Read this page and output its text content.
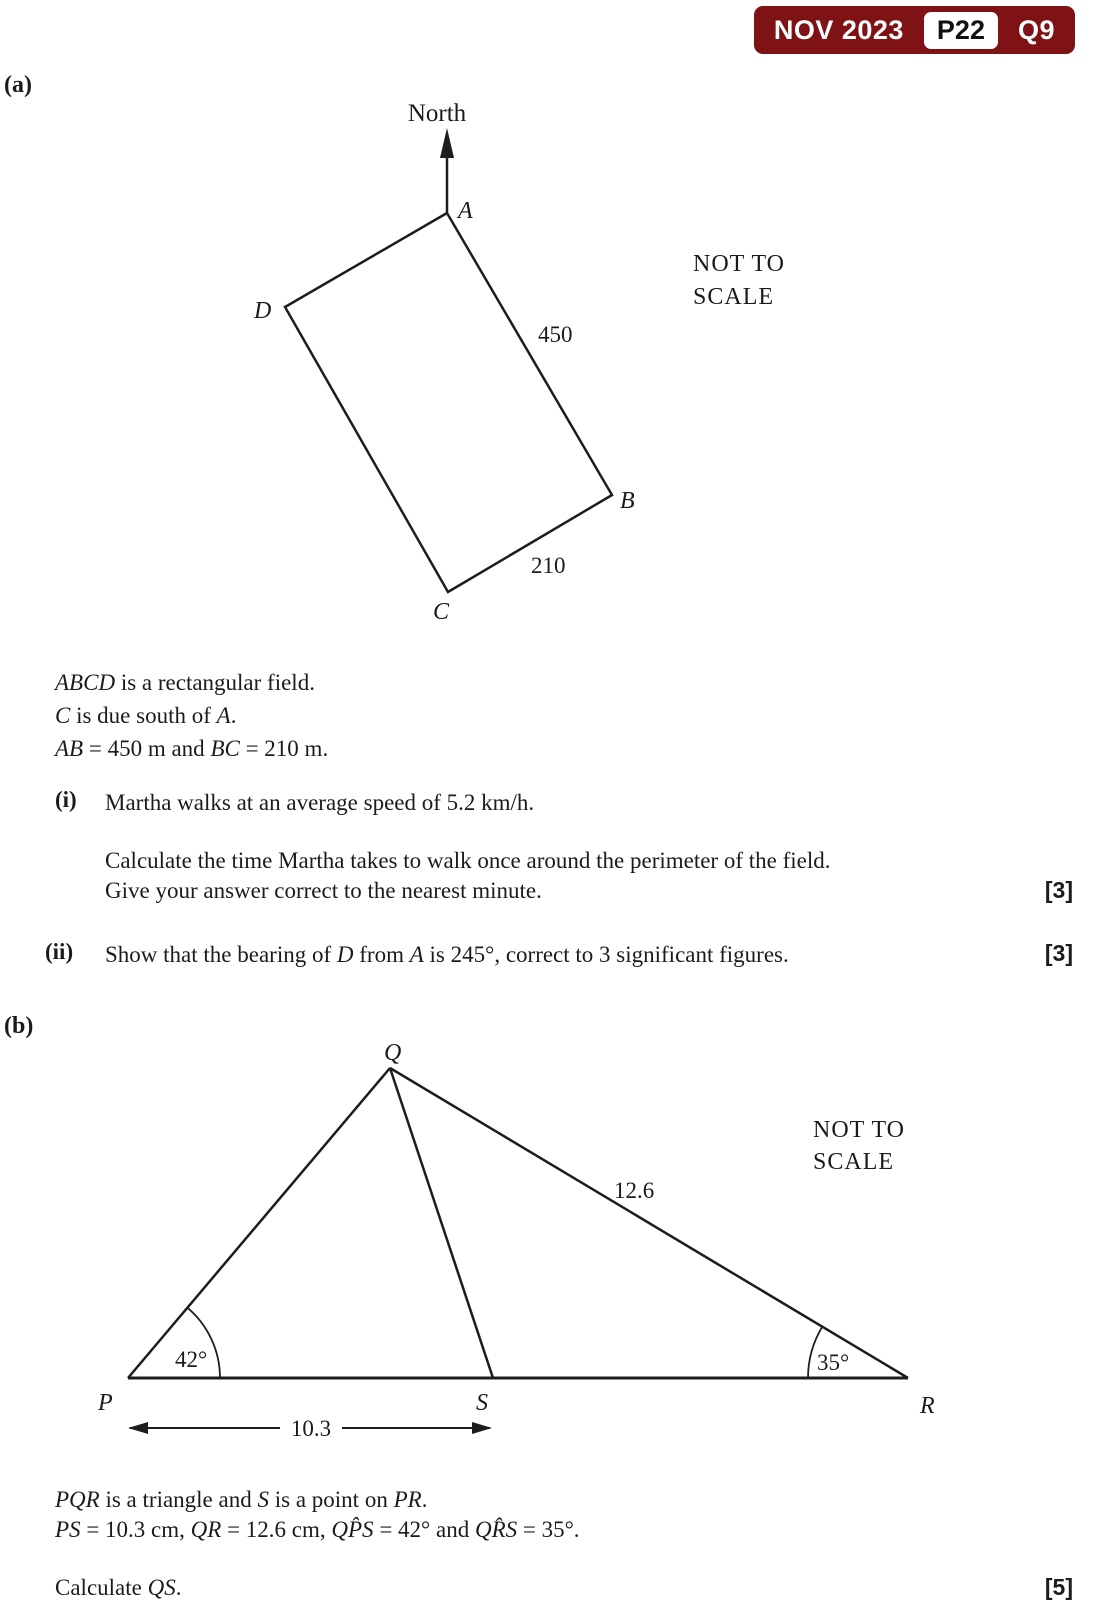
NOV 2023	P22	Q9
(a)
North
A
B
C
D
450
210
NOT TO
SCALE
ABCD is a rectangular field.
C is due south of A.
AB = 450 m and BC = 210 m.
(i) Martha walks at an average speed of 5.2 km/h.
Calculate the time Martha takes to walk once around the perimeter of the field.
Give your answer correct to the nearest minute.	[3]
(ii) Show that the bearing of D from A is 245°, correct to 3 significant figures.	[3]
(b)
Q
P	S	R
42°	35°
12.6
NOT TO
SCALE
10.3
PQR is a triangle and S is a point on PR.
PS = 10.3 cm, QR = 12.6 cm, QP̂S = 42° and QR̂S = 35°.
Calculate QS.	[5]
